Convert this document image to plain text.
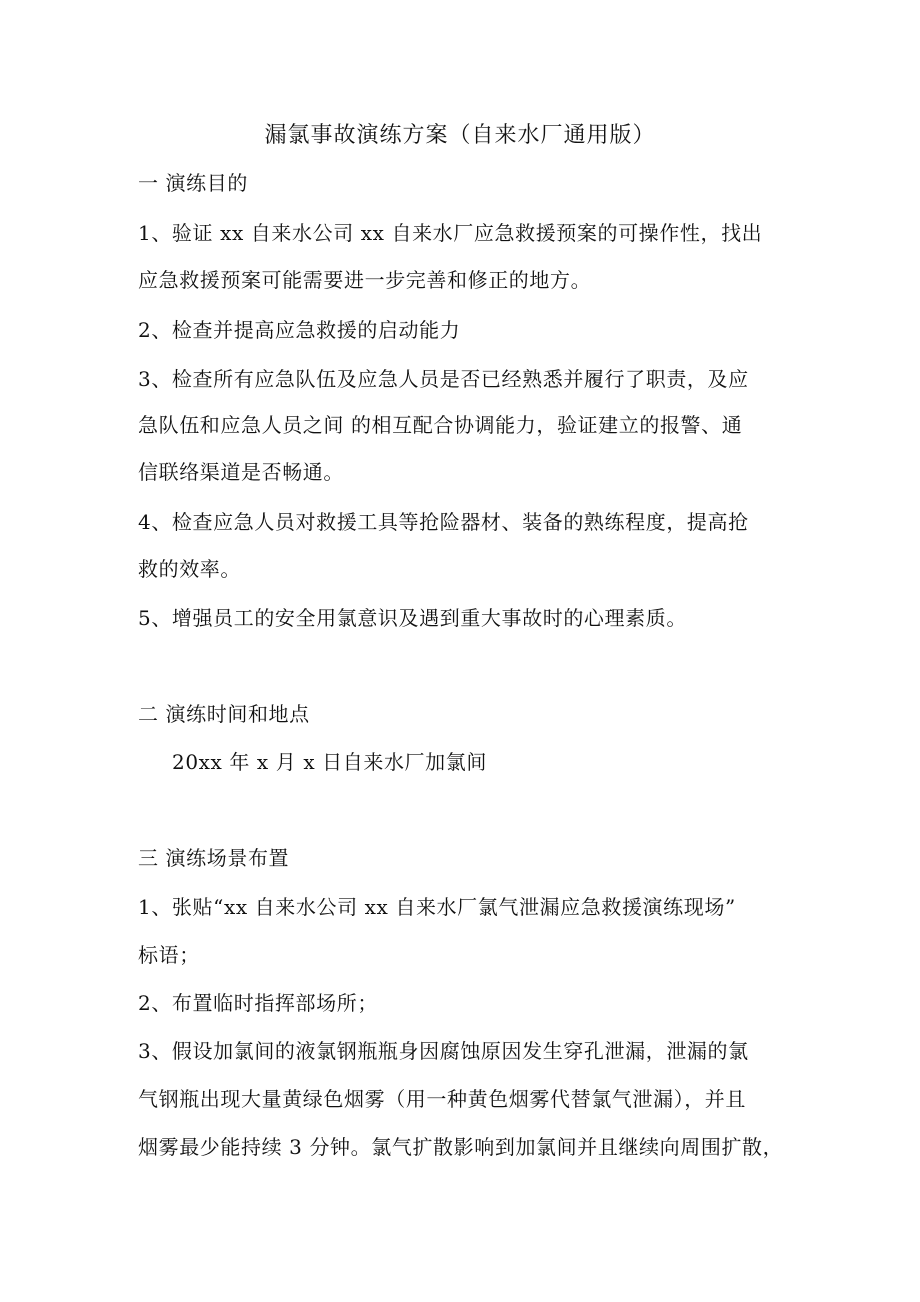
漏氯事故演练方案（自来水厂通用版）
一 演练目的
1、验证 xx 自来水公司 xx 自来水厂应急救援预案的可操作性，找出
应急救援预案可能需要进一步完善和修正的地方。
2、检查并提高应急救援的启动能力
3、检查所有应急队伍及应急人员是否已经熟悉并履行了职责，及应
急队伍和应急人员之间 的相互配合协调能力，验证建立的报警、通
信联络渠道是否畅通。
4、检查应急人员对救援工具等抢险器材、装备的熟练程度，提高抢
救的效率。
5、增强员工的安全用氯意识及遇到重大事故时的心理素质。
二 演练时间和地点
20xx 年 x 月 x 日自来水厂加氯间
三 演练场景布置
1、张贴“xx 自来水公司 xx 自来水厂氯气泄漏应急救援演练现场”
标语；
2、布置临时指挥部场所；
3、假设加氯间的液氯钢瓶瓶身因腐蚀原因发生穿孔泄漏，泄漏的氯
气钢瓶出现大量黄绿色烟雾（用一种黄色烟雾代替氯气泄漏），并且
烟雾最少能持续 3 分钟。氯气扩散影响到加氯间并且继续向周围扩散，
